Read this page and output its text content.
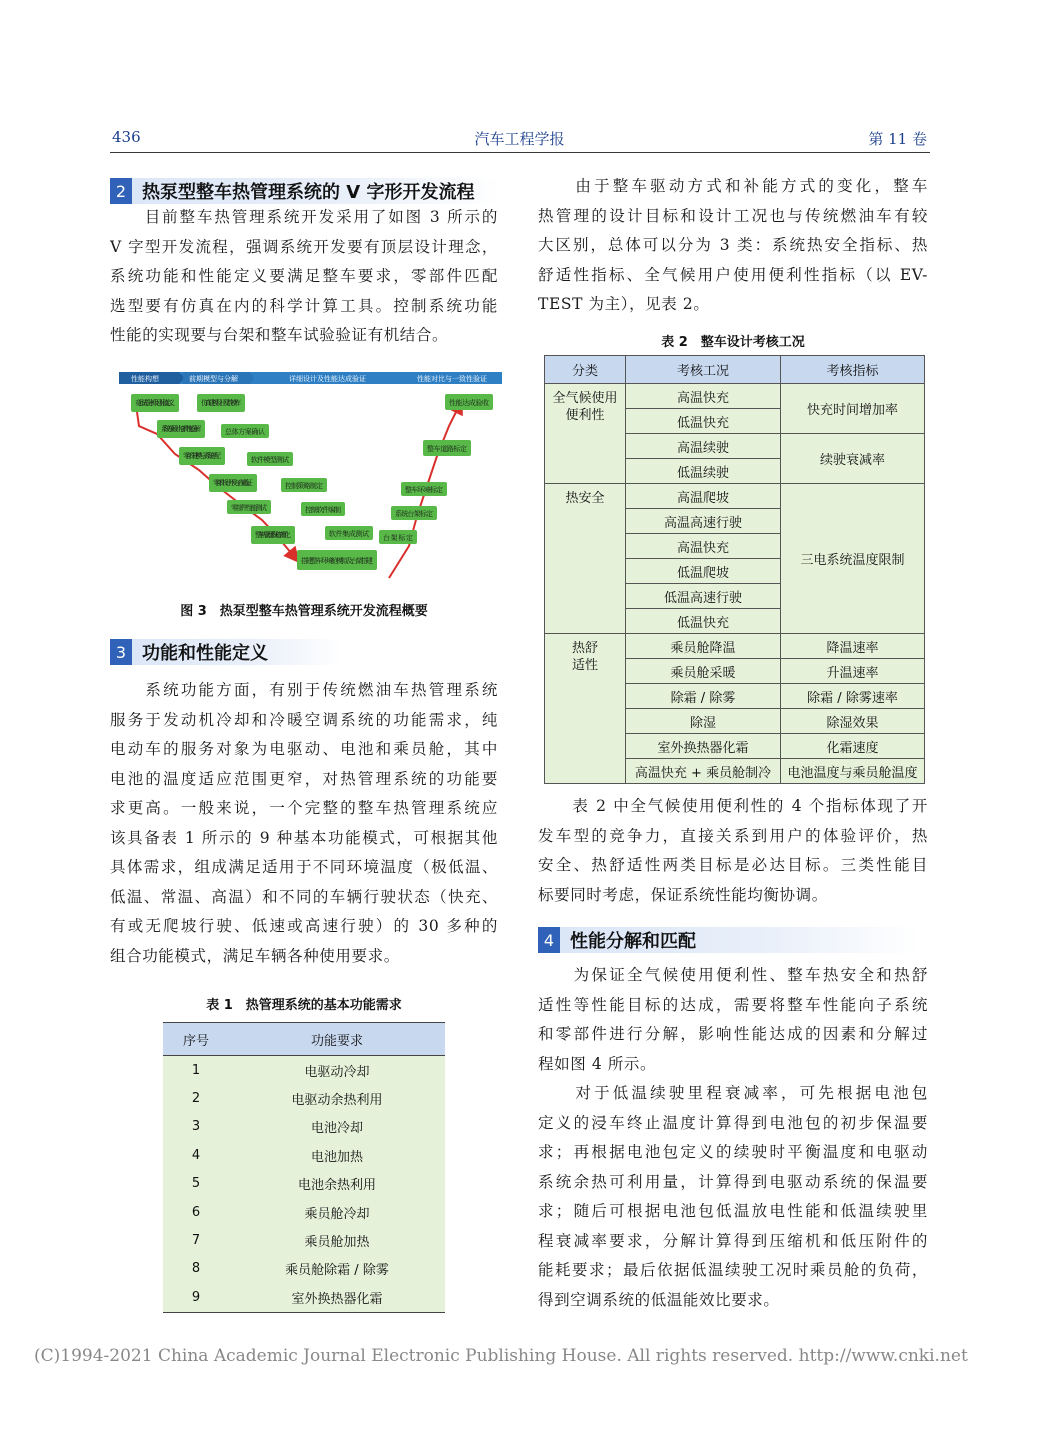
436	汽车工程学报	第 11 卷
2 热泵型整车热管理系统的 V 字形开发流程
　　目前整车热管理系统开发采用了如图 3 所示的
V 字型开发流程，强调系统开发要有顶层设计理念，
系统功能和性能定义要满足整车要求，零部件匹配
选型要有仿真在内的科学计算工具。控制系统功能
性能的实现要与台架和整车试验验证有机结合。
性能构想	前期模型与分解	详细设计及性能达成验证	性能对比与一致性验证
竞品试验分析及目标值定义
系统方案设计与部件性能分解
零部件建模与子系统匹配
零部件设计开发与台架验证
零部件性能测试
整车热管理系统仿真优化
仿真建模及开发数模库
总体方案确认
软件模型测试
控制策略制定
控制软件编制
软件集成测试
搭建整车环境舱模拟及台架搭建
性能达成验收
整车道路标定
整车环境标定
系统台架标定
台架标定
图 3　热泵型整车热管理系统开发流程概要
3 功能和性能定义
　　系统功能方面，有别于传统燃油车热管理系统
服务于发动机冷却和冷暖空调系统的功能需求，纯
电动车的服务对象为电驱动、电池和乘员舱，其中
电池的温度适应范围更窄，对热管理系统的功能要
求更高。一般来说，一个完整的整车热管理系统应
该具备表 1 所示的 9 种基本功能模式，可根据其他
具体需求，组成满足适用于不同环境温度（极低温、
低温、常温、高温）和不同的车辆行驶状态（快充、
有或无爬坡行驶、低速或高速行驶）的 30 多种的
组合功能模式，满足车辆各种使用要求。
表 1　热管理系统的基本功能需求
序号	功能要求
1	电驱动冷却
2	电驱动余热利用
3	电池冷却
4	电池加热
5	电池余热利用
6	乘员舱冷却
7	乘员舱加热
8	乘员舱除霜 / 除雾
9	室外换热器化霜
　　由于整车驱动方式和补能方式的变化，整车
热管理的设计目标和设计工况也与传统燃油车有较
大区别，总体可以分为 3 类：系统热安全指标、热
舒适性指标、全气候用户使用便利性指标（以 EV-
TEST 为主），见表 2。
表 2　整车设计考核工况
分类	考核工况	考核指标

全气候使用
便利性	高温快充	快充时间增加率
	低温快充	
	高温续驶	续驶衰减率
	低温续驶	

热安全	高温爬坡	三电系统温度限制
	高温高速行驶	
	高温快充	
	低温爬坡	
	低温高速行驶	
	低温快充	

热舒
适性	乘员舱降温	降温速率
	乘员舱采暖	升温速率
	除霜 / 除雾	除霜 / 除雾速率
	除湿	除湿效果
	室外换热器化霜	化霜速度
	高温快充 + 乘员舱制冷	电池温度与乘员舱温度
　　表 2 中全气候使用便利性的 4 个指标体现了开
发车型的竞争力，直接关系到用户的体验评价，热
安全、热舒适性两类目标是必达目标。三类性能目
标要同时考虑，保证系统性能均衡协调。
4 性能分解和匹配
　　为保证全气候使用便利性、整车热安全和热舒
适性等性能目标的达成，需要将整车性能向子系统
和零部件进行分解，影响性能达成的因素和分解过
程如图 4 所示。
　　对于低温续驶里程衰减率，可先根据电池包
定义的浸车终止温度计算得到电池包的初步保温要
求；再根据电池包定义的续驶时平衡温度和电驱动
系统余热可利用量，计算得到电驱动系统的保温要
求；随后可根据电池包低温放电性能和低温续驶里
程衰减率要求，分解计算得到压缩机和低压附件的
能耗要求；最后依据低温续驶工况时乘员舱的负荷，
得到空调系统的低温能效比要求。
(C)1994-2021 China Academic Journal Electronic Publishing House. All rights reserved. http://www.cnki.net
